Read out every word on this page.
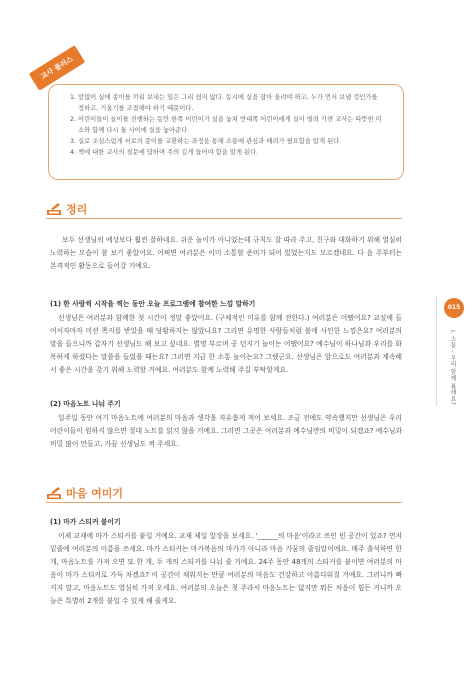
교사 플러스
1. 말없이 실에 종이를 끼워 보내는 일은 그리 쉽지 않다. 동시에 실을 잡아 올려야 하고, 누가 먼저 보낼 것인가를
정하고, 기울기를 조절해야 하기 때문이다.
2. 어린이들이 놀이를 진행하는 동안 한쪽 어린이가 실을 놓쳐 반대쪽 어린이에게 실이 떨려 가면 교사는 따뜻한 미
소와 함께 다시 둘 사이에 실을 놓아준다.
3. 실로 조심스럽게 서로의 종이를 교환하는 과정을 통해 소통에 관심과 배려가 필요함을 알게 된다.
4. 책에 대한 교사의 질문에 답하며 주의 깊게 들어야 함을 알게 된다.
정리

보두 선생님의 예상보다 훨씬 잘하네요. 쉬운 놀이가 아니었는데 규칙도 잘 따라 주고, 친구와 대화하기 위해 열심히 노력하는 모습이 참 보기 좋았어요. 어쩌면 여러분은 이미 소통할 준비가 되어 있었는지도 모르겠네요. 다 음 주부터는 본격적인 활동으로 들어갈 거예요.

(1) 한 사람씩 시작을 찍는 동안 오늘 프로그램에 참여한 느낌 말하기

선생님은 여러분과 함께한 첫 시간이 정말 좋았어요. (구체적인 이유를 함께 전한다.) 여러분은 어땠어요? 교실에 들어서자마자 미션 쪽지를 받았을 때 당황하지는 않았나요? 그리면 유명한 사람들처럼 볼에 사인한 느낌은요? 여러분의 말을 들으니까 갑자기 선생님도 해 보고 싶네요. 별명 부르며 공 던지기 놀이는 어땠어요? 예수님이 하나님과 우리를 화목하게 하셨다는 말씀을 들었을 때는요? 그러면 지금 한 소통 놀이는요? 그랬군요. 선생님은 앞으로도 여러분과 계속해서 좋은 시간을 갖기 위해 노력할 거예요. 여러분도 함께 노력해 주길 부탁할게요.

(2) 마음노트 나눠 주기

일주일 동안 여기 마음노트에 여러분의 마음과 생각을 자유롭게 적어 보세요. 조금 전에도 약속했지만 선생님은 우리 어린이들이 원하지 않으면 절대 노트를 읽지 않을 거예요. 그러면 그곳은 여러분과 예수님만의 비밀이 되겠죠? 예수님과 비밀 많이 만들고, 가끔 선생님도 껴 주세요.

마음 여미기
(1) 마가 스티커 붙이기

이제 교재에 마가 스티커를 붙일 거예요. 교재 제일 앞장을 보세요. '______의 마음'이라고 쓰인 빈 공간이 있죠? 먼저 밑줄에 여러분의 이름을 쓰세요. 마가 스티커는 마가복음의 마가가 아니라 마음 가꿈의 줄임말이에요. 매주 출석하면 한 개, 마음노트를 가져 오면 또 한 개, 두 개의 스티커를 나눠 줄 거예요. 24주 동안 48개의 스티커를 붙이면 여러분의 마음이 마가 스티커로 가득 차겠죠? 이 공간이 채워지는 만큼 여러분의 마음도 건강하고 아름다워질 거예요. 그러니까 빠지지 말고, 마음노트도 열심히 가져 오세요. 여러분의 오늘은 첫 주라서 마음노트는 없지만 뭐든 처음이 힘든 거니까 오늘은 특별히 2개를 붙일 수 있게 해 줄게요.

015
I. 소통 - 우리 함께 볼래요?
